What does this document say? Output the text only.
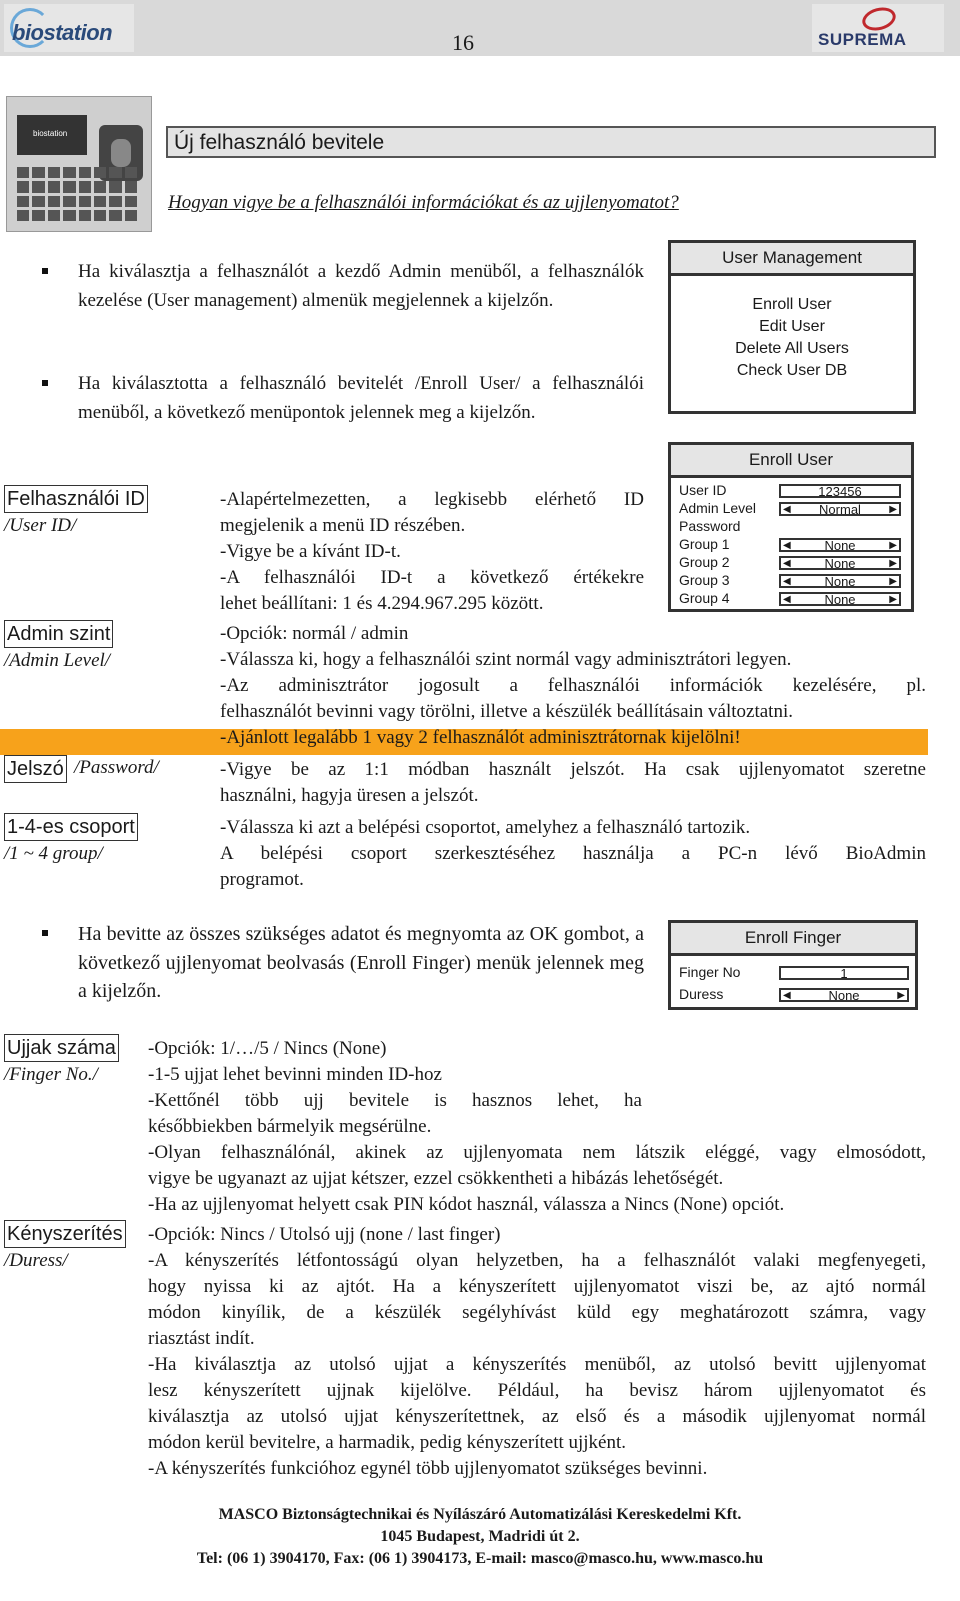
biostation	16	SUPREMA
biostation	Új felhasználó bevitele
Hogyan vigye be a felhasználói információkat és az ujjlenyomatot?
Ha kiválasztja a felhasználót a kezdő Admin menüből, a felhasználók kezelése (User management) almenük megjelennek a kijelzőn.
Ha kiválasztotta a felhasználó bevitelét /Enroll User/ a felhasználói menüből, a következő menüpontok jelennek meg a kijelzőn.
User Management
Enroll User
Edit User
Delete All Users
Check User DB
Enroll User
User ID	123456
Admin Level	◀ Normal	▶
Password
Group 1	◀	None	▶
Group 2	◀	None	▶
Group 3	◀	None	▶
Group 4	◀	None	▶
Felhasználói ID
/User ID/
-Alapértelmezetten, a legkisebb elérhető ID
megjelenik a menü ID részében.
-Vigye be a kívánt ID-t.
-A felhasználói ID-t a következő értékekre
lehet beállítani: 1 és 4.294.967.295 között.
Admin szint
/Admin Level/
-Opciók: normál / admin
-Válassza ki, hogy a felhasználói szint normál vagy adminisztrátori legyen.
-Az adminisztrátor jogosult a felhasználói információk kezelésére, pl.
felhasználót bevinni vagy törölni, illetve a készülék beállításain változtatni.
-Ajánlott legalább 1 vagy 2 felhasználót adminisztrátornak kijelölni!
Jelszó /Password/	-Vigye be az 1:1 módban használt jelszót. Ha csak ujjlenyomatot szeretne
használni, hagyja üresen a jelszót.
1-4-es csoport
/1 ~ 4 group/
-Válassza ki azt a belépési csoportot, amelyhez a felhasználó tartozik.
A belépési csoport szerkesztéséhez használja a PC-n lévő BioAdmin
programot.
Ha bevitte az összes szükséges adatot és megnyomta az OK gombot, a következő ujjlenyomat beolvasás (Enroll Finger) menük jelennek meg a kijelzőn.
Enroll Finger
Finger No	1
Duress	◀	None	▶
Ujjak száma
/Finger No./
-Opciók: 1/…/5 / Nincs (None)
-1-5 ujjat lehet bevinni minden ID-hoz
-Kettőnél több ujj bevitele is hasznos lehet, ha
későbbiekben bármelyik megsérülne.
-Olyan felhasználónál, akinek az ujjlenyomata nem látszik eléggé, vagy elmosódott,
vigye be ugyanazt az ujjat kétszer, ezzel csökkentheti a hibázás lehetőségét.
-Ha az ujjlenyomat helyett csak PIN kódot használ, válassza a Nincs (None) opciót.
Kényszerítés
/Duress/
-Opciók: Nincs / Utolsó ujj (none / last finger)
-A kényszerítés létfontosságú olyan helyzetben, ha a felhasználót valaki megfenyegeti,
hogy nyissa ki az ajtót. Ha a kényszerített ujjlenyomatot viszi be, az ajtó normál
módon kinyílik, de a készülék segélyhívást küld egy meghatározott számra, vagy
riasztást indít.
-Ha kiválasztja az utolsó ujjat a kényszerítés menüből, az utolsó bevitt ujjlenyomat
lesz kényszerített ujjnak kijelölve. Például, ha bevisz három ujjlenyomatot és
kiválasztja az utolsó ujjat kényszerítettnek, az első és a második ujjlenyomat normál
módon kerül bevitelre, a harmadik, pedig kényszerített ujjként.
-A kényszerítés funkcióhoz egynél több ujjlenyomatot szükséges bevinni.
MASCO Biztonságtechnikai és Nyílászáró Automatizálási Kereskedelmi Kft.
1045 Budapest, Madridi út 2.
Tel: (06 1) 3904170, Fax: (06 1) 3904173, E-mail: masco@masco.hu, www.masco.hu
